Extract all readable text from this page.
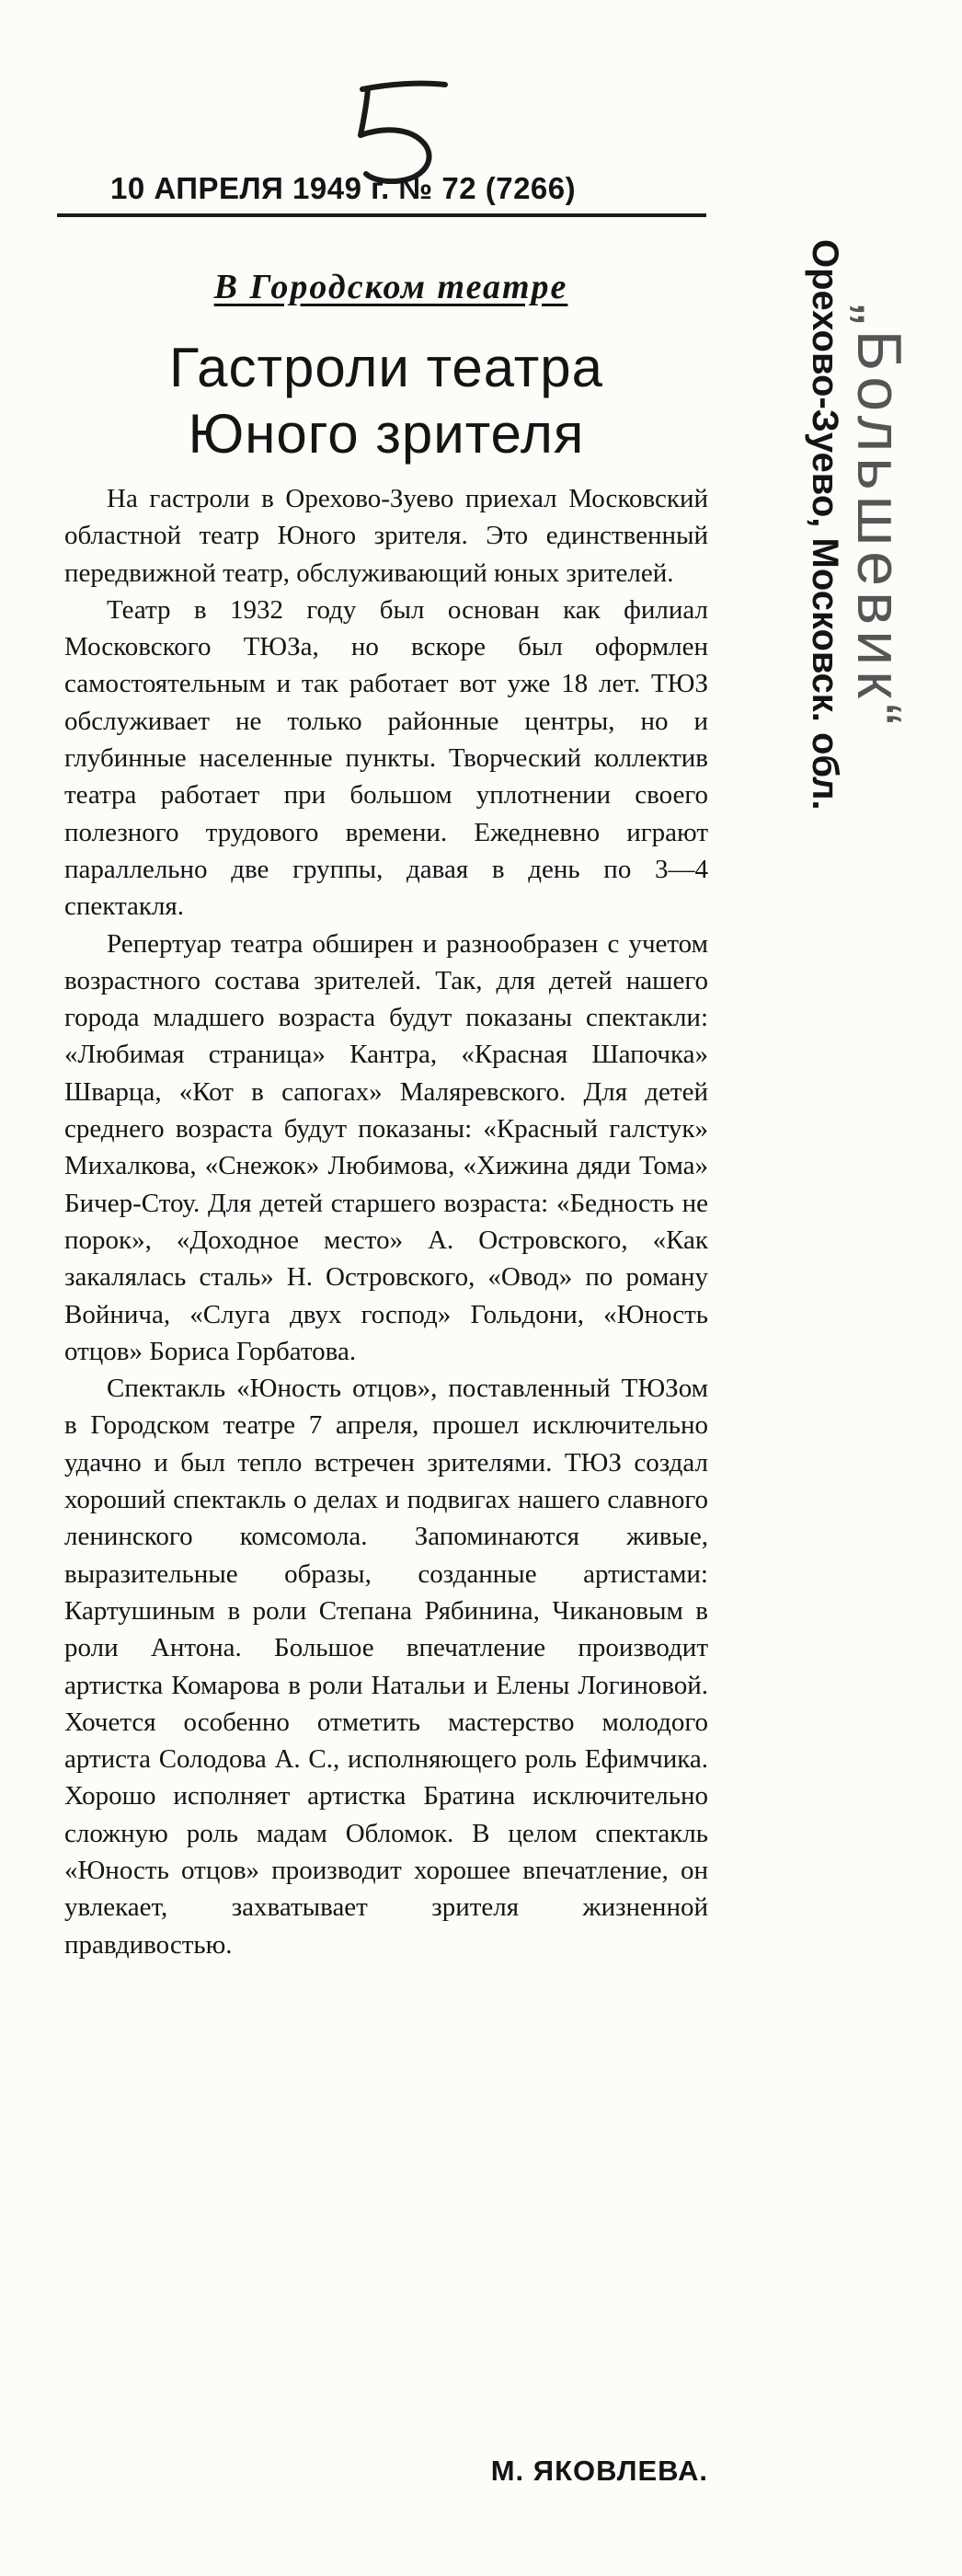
10 АПРЕЛЯ 1949 г. № 72 (7266)
В Городском театре
Гастроли театра
Юного зрителя

На гастроли в Орехово-Зуево приехал Московский областной театр Юного зрителя. Это единственный передвижной театр, обслуживающий юных зрителей.

Театр в 1932 году был основан как филиал Московского ТЮЗа, но вскоре был оформлен самостоятельным и так работает вот уже 18 лет. ТЮЗ обслуживает не только районные центры, но и глубинные населенные пункты. Творческий коллектив театра работает при большом уплотнении своего полезного трудового времени. Ежедневно играют параллельно две группы, давая в день по 3—4 спектакля.

Репертуар театра обширен и разнообразен с учетом возрастного состава зрителей. Так, для детей нашего города младшего возраста будут показаны спектакли: «Любимая страница» Кантра, «Красная Шапочка» Шварца, «Кот в сапогах» Маляревского. Для детей среднего возраста будут показаны: «Красный галстук» Михалкова, «Снежок» Любимова, «Хижина дяди Тома» Бичер-Стоу. Для детей старшего возраста: «Бедность не порок», «Доходное место» А. Островского, «Как закалялась сталь» Н. Островского, «Овод» по роману Войнича, «Слуга двух господ» Гольдони, «Юность отцов» Бориса Горбатова.

Спектакль «Юность отцов», поставленный ТЮЗом в Городском театре 7 апреля, прошел исключительно удачно и был тепло встречен зрителями. ТЮЗ создал хороший спектакль о делах и подвигах нашего славного ленинского комсомола. Запоминаются живые, выразительные образы, созданные артистами: Картушиным в роли Степана Рябинина, Чикановым в роли Антона. Большое впечатление производит артистка Комарова в роли Натальи и Елены Логиновой. Хочется особенно отметить мастерство молодого артиста Солодова А. С., исполняющего роль Ефимчика. Хорошо исполняет артистка Братина исключительно сложную роль мадам Обломок. В целом спектакль «Юность отцов» производит хорошее впечатление, он увлекает, захватывает зрителя жизненной правдивостью.

М. ЯКОВЛЕВА.
Орехово-Зуево, Московск. обл. „Большевик“
